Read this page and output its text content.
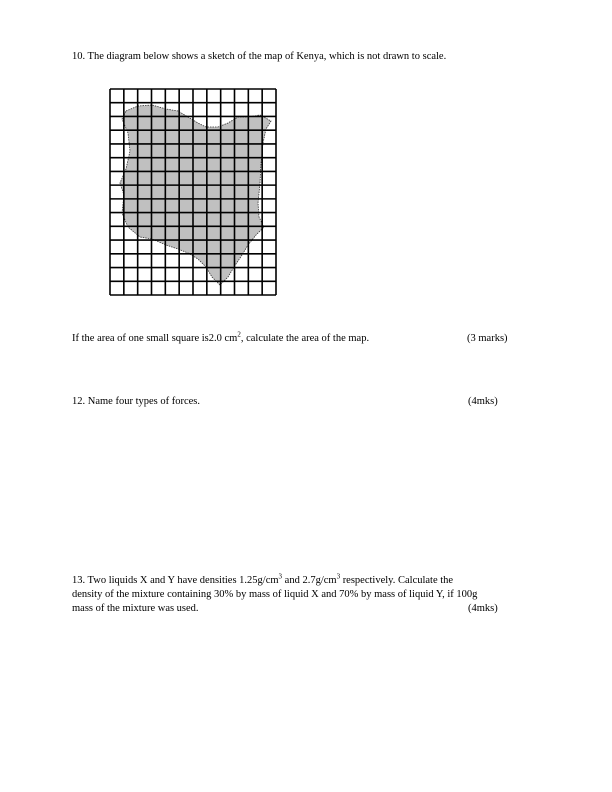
10. The diagram below shows a sketch of the map of Kenya, which is not drawn to scale.
If the area of one small square is2.0 $cm^2$, calculate the area of the map.	(3 marks)
12. Name four types of forces.	(4mks)
13. Two liquids X and Y have densities $1.25g/cm^3$ and $2.7g/cm^3$ respectively. Calculate the
density of the mixture containing 30% by mass of liquid X and 70% by mass of liquid Y, if 100g
mass of the mixture was used.	(4mks)
